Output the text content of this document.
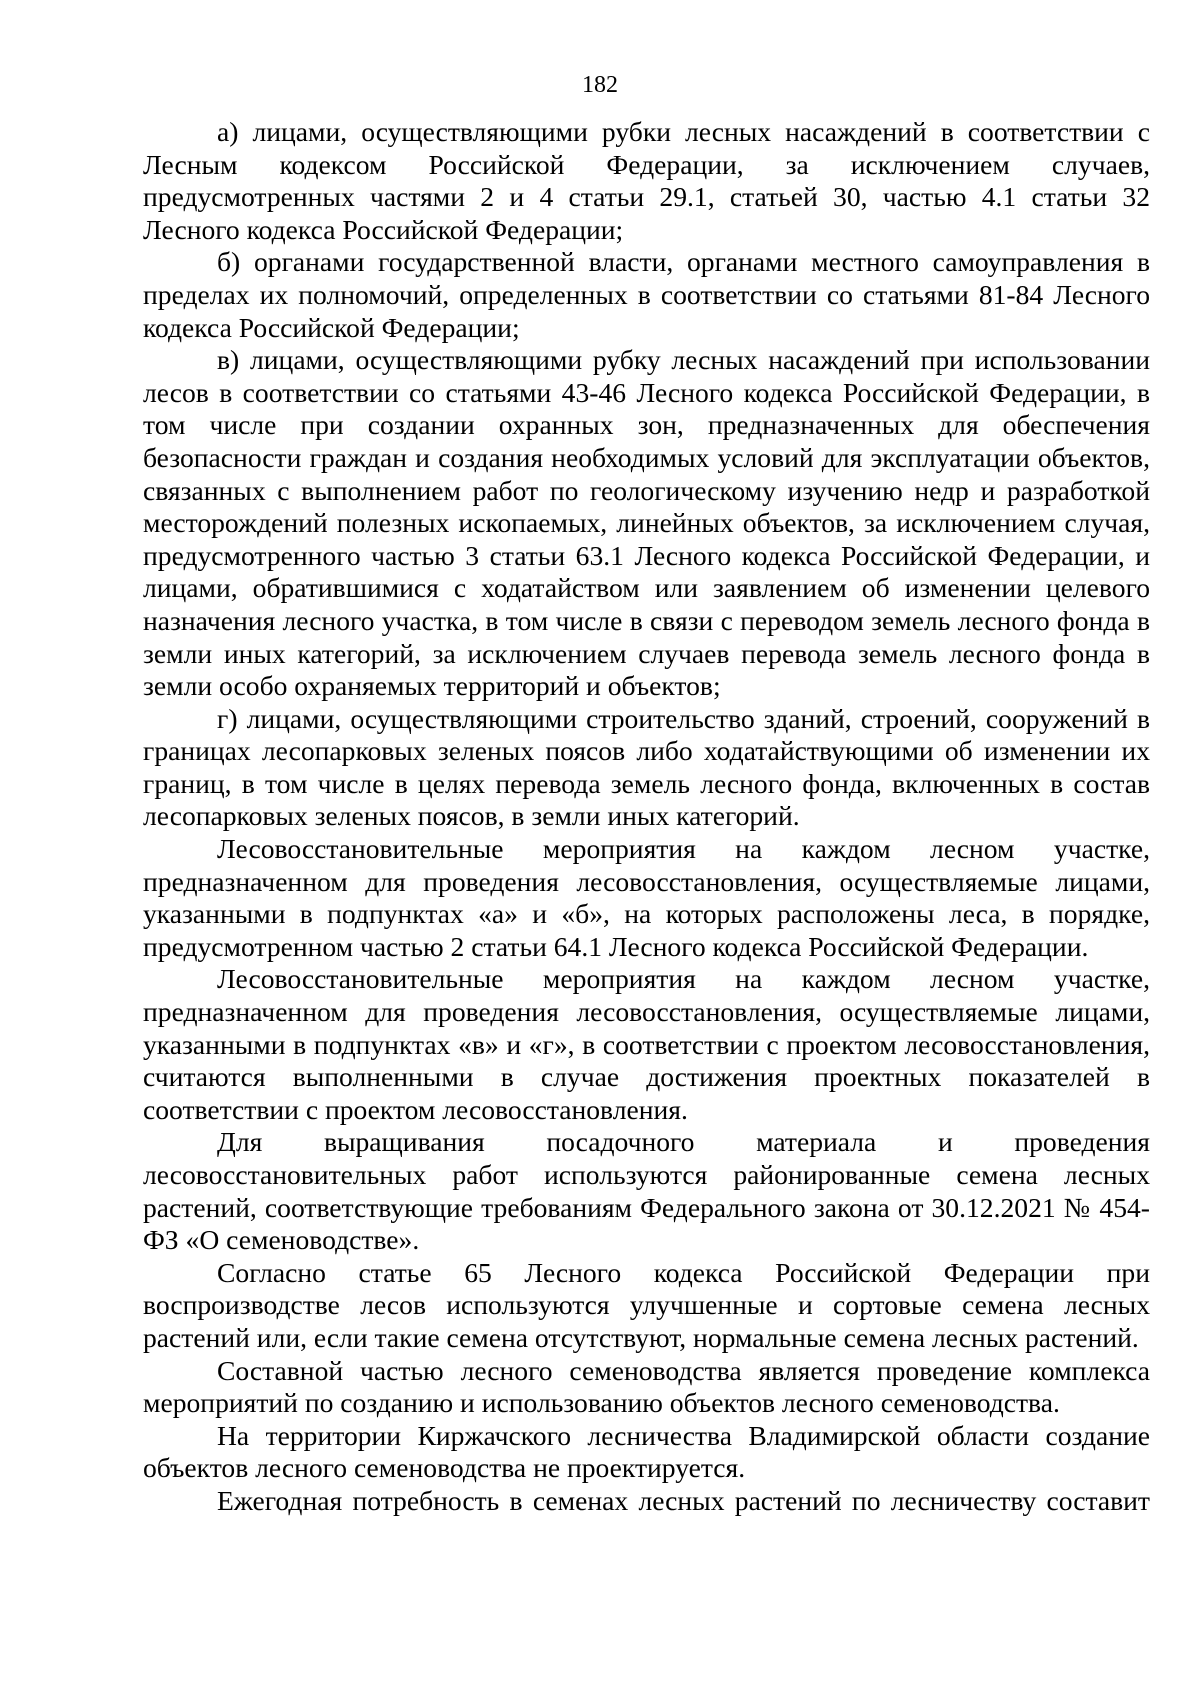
182

а) лицами, осуществляющими рубки лесных насаждений в соответствии с Лесным кодексом Российской Федерации, за исключением случаев, предусмотренных частями 2 и 4 статьи 29.1, статьей 30, частью 4.1 статьи 32 Лесного кодекса Российской Федерации;

б) органами государственной власти, органами местного самоуправления в пределах их полномочий, определенных в соответствии со статьями 81-84 Лесного кодекса Российской Федерации;

в) лицами, осуществляющими рубку лесных насаждений при использовании лесов в соответствии со статьями 43-46 Лесного кодекса Российской Федерации, в том числе при создании охранных зон, предназначенных для обеспечения безопасности граждан и создания необходимых условий для эксплуатации объектов, связанных с выполнением работ по геологическому изучению недр и разработкой месторождений полезных ископаемых, линейных объектов, за исключением случая, предусмотренного частью 3 статьи 63.1 Лесного кодекса Российской Федерации, и лицами, обратившимися с ходатайством или заявлением об изменении целевого назначения лесного участка, в том числе в связи с переводом земель лесного фонда в земли иных категорий, за исключением случаев перевода земель лесного фонда в земли особо охраняемых территорий и объектов;

г) лицами, осуществляющими строительство зданий, строений, сооружений в границах лесопарковых зеленых поясов либо ходатайствующими об изменении их границ, в том числе в целях перевода земель лесного фонда, включенных в состав лесопарковых зеленых поясов, в земли иных категорий.

Лесовосстановительные мероприятия на каждом лесном участке, предназначенном для проведения лесовосстановления, осуществляемые лицами, указанными в подпунктах «а» и «б», на которых расположены леса, в порядке, предусмотренном частью 2 статьи 64.1 Лесного кодекса Российской Федерации.

Лесовосстановительные мероприятия на каждом лесном участке, предназначенном для проведения лесовосстановления, осуществляемые лицами, указанными в подпунктах «в» и «г», в соответствии с проектом лесовосстановления, считаются выполненными в случае достижения проектных показателей в соответствии с проектом лесовосстановления.

Для выращивания посадочного материала и проведения лесовосстановительных работ используются районированные семена лесных растений, соответствующие требованиям Федерального закона от 30.12.2021 № 454-ФЗ «О семеноводстве».

Согласно статье 65 Лесного кодекса Российской Федерации при воспроизводстве лесов используются улучшенные и сортовые семена лесных растений или, если такие семена отсутствуют, нормальные семена лесных растений.

Составной частью лесного семеноводства является проведение комплекса мероприятий по созданию и использованию объектов лесного семеноводства.

На территории Киржачского лесничества Владимирской области создание объектов лесного семеноводства не проектируется.

Ежегодная потребность в семенах лесных растений по лесничеству составит
